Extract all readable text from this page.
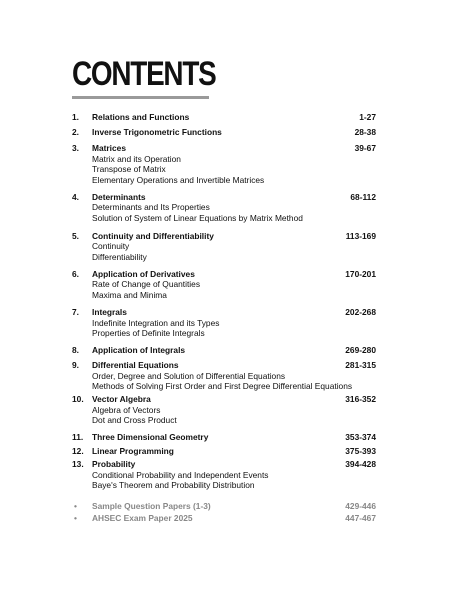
CONTENTS
1. Relations and Functions	1-27
2. Inverse Trigonometric Functions	28-38
3. Matrices	39-67
Matrix and its Operation
Transpose of Matrix
Elementary Operations and Invertible Matrices
4. Determinants	68-112
Determinants and Its Properties
Solution of System of Linear Equations by Matrix Method
5. Continuity and Differentiability	113-169
Continuity
Differentiability
6. Application of Derivatives	170-201
Rate of Change of Quantities
Maxima and Minima
7. Integrals	202-268
Indefinite Integration and its Types
Properties of Definite Integrals
8. Application of Integrals	269-280
9. Differential Equations	281-315
Order, Degree and Solution of Differential Equations
Methods of Solving First Order and First Degree Differential Equations
10. Vector Algebra	316-352
Algebra of Vectors
Dot and Cross Product
11. Three Dimensional Geometry	353-374
12. Linear Programming	375-393
13. Probability	394-428
Conditional Probability and Independent Events
Baye's Theorem and Probability Distribution
• Sample Question Papers (1-3)	429-446
• AHSEC Exam Paper 2025	447-467
